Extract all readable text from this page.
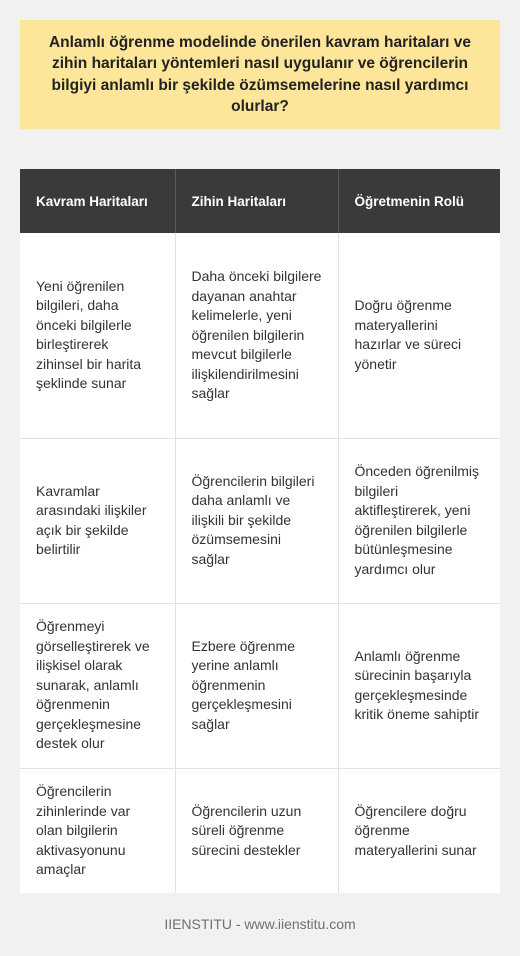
Anlamlı öğrenme modelinde önerilen kavram haritaları ve zihin haritaları yöntemleri nasıl uygulanır ve öğrencilerin bilgiyi anlamlı bir şekilde özümsemelerine nasıl yardımcı olurlar?

Kavram Haritaları	Zihin Haritaları	Öğretmenin Rolü
Yeni öğrenilen bilgileri, daha önceki bilgilerle birleştirerek zihinsel bir harita şeklinde sunar	Daha önceki bilgilere dayanan anahtar kelimelerle, yeni öğrenilen bilgilerin mevcut bilgilerle ilişkilendirilmesini sağlar	Doğru öğrenme materyallerini hazırlar ve süreci yönetir
Kavramlar arasındaki ilişkiler açık bir şekilde belirtilir	Öğrencilerin bilgileri daha anlamlı ve ilişkili bir şekilde özümsemesini sağlar	Önceden öğrenilmiş bilgileri aktifleştirerek, yeni öğrenilen bilgilerle bütünleşmesine yardımcı olur
Öğrenmeyi görselleştirerek ve ilişkisel olarak sunarak, anlamlı öğrenmenin gerçekleşmesine destek olur	Ezbere öğrenme yerine anlamlı öğrenmenin gerçekleşmesini sağlar	Anlamlı öğrenme sürecinin başarıyla gerçekleşmesinde kritik öneme sahiptir
Öğrencilerin zihinlerinde var olan bilgilerin aktivasyonunu amaçlar	Öğrencilerin uzun süreli öğrenme sürecini destekler	Öğrencilere doğru öğrenme materyallerini sunar
IIENSTITU - www.iienstitu.com
